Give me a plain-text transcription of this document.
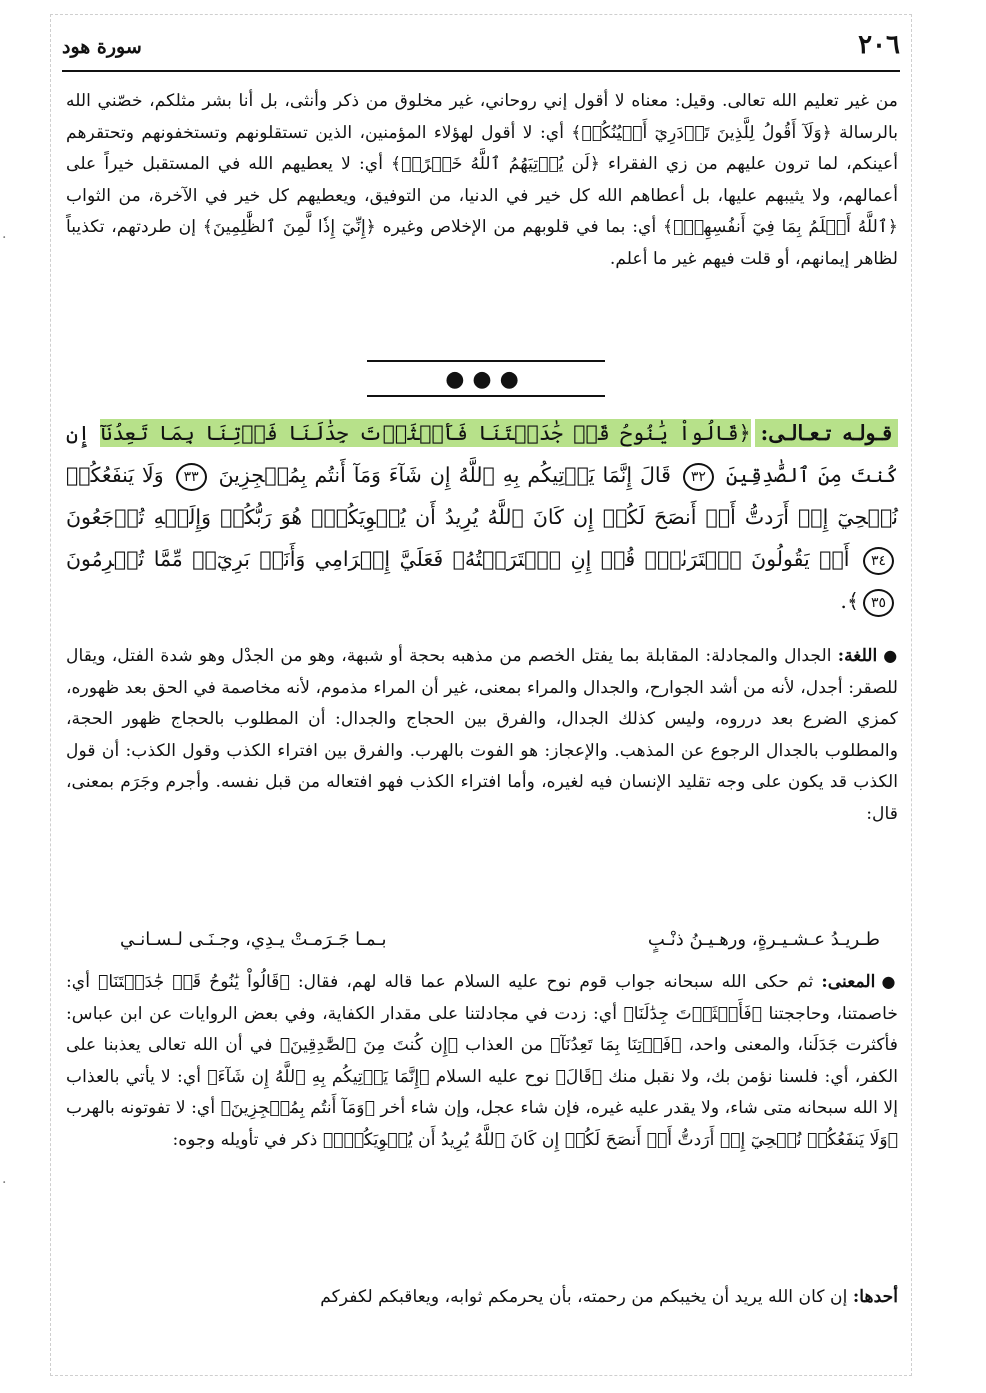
٢٠٦
سورة هود
من غير تعليم الله تعالى. وقيل: معناه لا أقول إني روحاني، غير مخلوق من ذكر وأنثى، بل أنا بشر مثلكم، خصّني الله بالرسالة ﴿وَلَآ أَقُولُ لِلَّذِينَ تَزۡدَرِيٓ أَعۡيُنُكُمۡ﴾ أي: لا أقول لهؤلاء المؤمنين، الذين تستقلونهم وتستخفونهم وتحتقرهم أعينكم، لما ترون عليهم من زي الفقراء ﴿لَن يُؤۡتِيَهُمُ ٱللَّهُ خَيۡرًاۖ﴾ أي: لا يعطيهم الله في المستقبل خيراً على أعمالهم، ولا يثيبهم عليها، بل أعطاهم الله كل خير في الدنيا، من التوفيق، ويعطيهم كل خير في الآخرة، من الثواب ﴿ٱللَّهُ أَعۡلَمُ بِمَا فِيٓ أَنفُسِهِمۡۖ﴾ أي: بما في قلوبهم من الإخلاص وغيره ﴿إِنِّيٓ إِذٗا لَّمِنَ ٱلظَّٰلِمِينَ﴾ إن طردتهم، تكذيباً لظاهر إيمانهم، أو قلت فيهم غير ما أعلم.
●●●
قـولـه تـعـالـى:﴿قَالُواْ يَٰنُوحُ قَدۡ جَٰدَلۡتَنَا فَأَكۡثَرۡتَ جِدَٰلَنَا فَأۡتِنَا بِمَا تَعِدُنَآ إِن كُنتَ مِنَ ٱلصَّٰدِقِينَ ٣٢ قَالَ إِنَّمَا يَأۡتِيكُم بِهِ ٱللَّهُ إِن شَآءَ وَمَآ أَنتُم بِمُعۡجِزِينَ ٣٣ وَلَا يَنفَعُكُمۡ نُصۡحِيٓ إِنۡ أَرَدتُّ أَنۡ أَنصَحَ لَكُمۡ إِن كَانَ ٱللَّهُ يُرِيدُ أَن يُغۡوِيَكُمۡۚ هُوَ رَبُّكُمۡ وَإِلَيۡهِ تُرۡجَعُونَ ٣٤ أَمۡ يَقُولُونَ ٱفۡتَرَىٰهُۖ قُلۡ إِنِ ٱفۡتَرَيۡتُهُۥ فَعَلَيَّ إِجۡرَامِي وَأَنَا۠ بَرِيٓءٞ مِّمَّا تُجۡرِمُونَ ٣٥﴾.
●اللغة: الجدال والمجادلة: المقابلة بما يفتل الخصم من مذهبه بحجة أو شبهة، وهو من الجدْل وهو شدة الفتل، ويقال للصقر: أجدل، لأنه من أشد الجوارح، والجدال والمراء بمعنى، غير أن المراء مذموم، لأنه مخاصمة في الحق بعد ظهوره، كمزي الضرع بعد درروه، وليس كذلك الجدال، والفرق بين الحجاج والجدال: أن المطلوب بالحجاج ظهور الحجة، والمطلوب بالجدال الرجوع عن المذهب. والإعجاز: هو الفوت بالهرب. والفرق بين افتراء الكذب وقول الكذب: أن قول الكذب قد يكون على وجه تقليد الإنسان فيه لغيره، وأما افتراء الكذب فهو افتعاله من قبل نفسه. وأجرم وجَرَم بمعنى، قال:
طـريـدُ عـشـيـرةٍ، ورهـيـنُ ذنْـبٍ
بـمـا جَـرَمـتْ يـدِي، وجـنَـى لـسـانـي
●المعنى: ثم حكى الله سبحانه جواب قوم نوح عليه السلام عما قاله لهم، فقال: ﴿قَالُواْ يَٰنُوحُ قَدۡ جَٰدَلۡتَنَا﴾ أي: خاصمتنا، وحاججتنا ﴿فَأَكۡثَرۡتَ جِدَٰلَنَا﴾ أي: زدت في مجادلتنا على مقدار الكفاية، وفي بعض الروايات عن ابن عباس: فأكثرت جَدَلَنا، والمعنى واحد، ﴿فَأۡتِنَا بِمَا تَعِدُنَآ﴾ من العذاب ﴿إِن كُنتَ مِنَ ٱلصَّٰدِقِينَ﴾ في أن الله تعالى يعذبنا على الكفر، أي: فلسنا نؤمن بك، ولا نقبل منك ﴿قَالَ﴾ نوح عليه السلام ﴿إِنَّمَا يَأۡتِيكُم بِهِ ٱللَّهُ إِن شَآءَ﴾ أي: لا يأتي بالعذاب إلا الله سبحانه متى شاء، ولا يقدر عليه غيره، فإن شاء عجل، وإن شاء أخر ﴿وَمَآ أَنتُم بِمُعۡجِزِينَ﴾ أي: لا تفوتونه بالهرب ﴿وَلَا يَنفَعُكُمۡ نُصۡحِيٓ إِنۡ أَرَدتُّ أَنۡ أَنصَحَ لَكُمۡ إِن كَانَ ٱللَّهُ يُرِيدُ أَن يُغۡوِيَكُمۡۚ﴾ ذكر في تأويله وجوه:
أحدها: إن كان الله يريد أن يخيبكم من رحمته، بأن يحرمكم ثوابه، ويعاقبكم لكفركم
·
·
